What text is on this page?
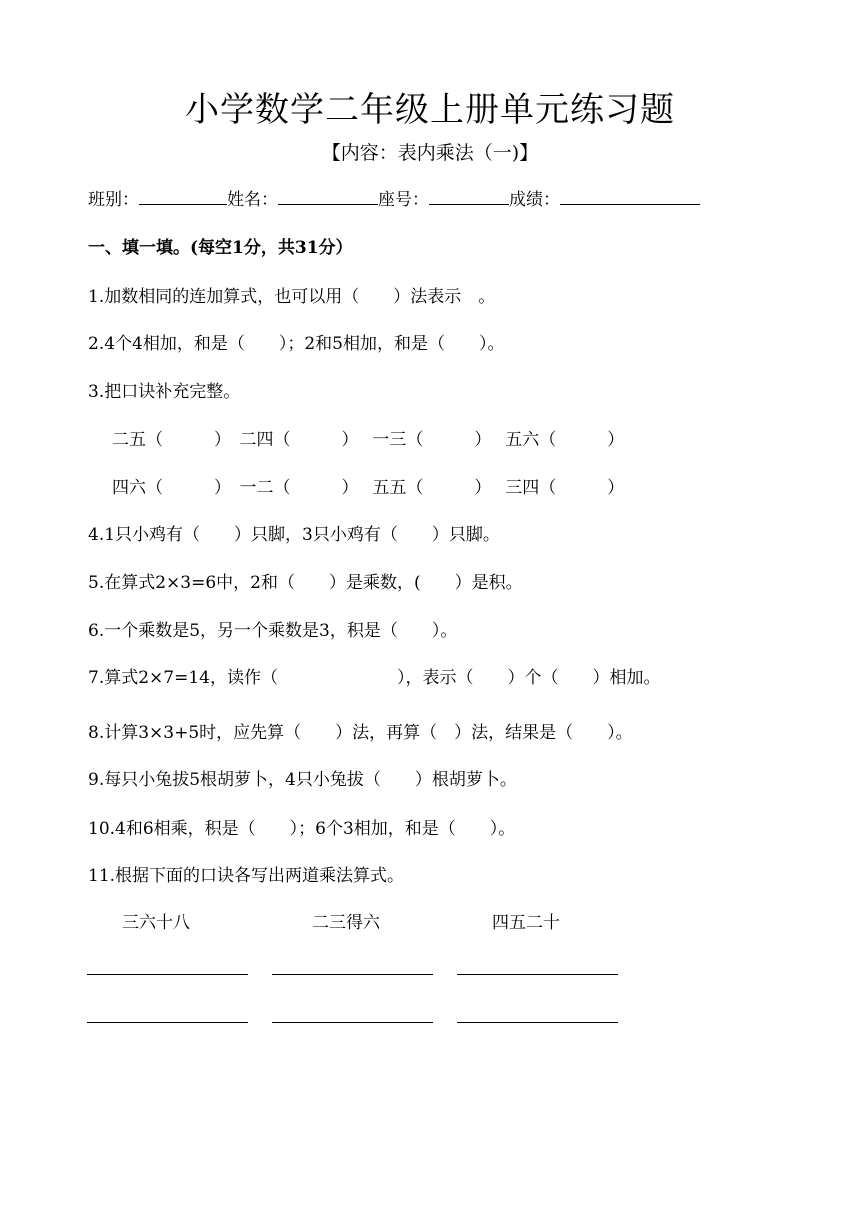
小学数学二年级上册单元练习题
【内容：表内乘法（一)】
班别：	姓名：	座号：	成绩：
一、填一填。(每空1分，共31分）
1.加数相同的连加算式，也可以用（　　）法表示　。
2.4个4相加，和是（　　）；2和5相加，和是（　　）。
3.把口诀补充完整。
二五（　　　）　二四（　　　）　 一三（　　　）　 五六（　　　）
四六（　　　）　一二（　　　）　 五五（　　　）　 三四（　　　）
4.1只小鸡有（　　）只脚，3只小鸡有（　　）只脚。
5.在算式2×3=6中，2和（　　）是乘数，(　　）是积。
6.一个乘数是5，另一个乘数是3，积是（　　）。
7.算式2×7=14，读作（　　　　　　　），表示（　　）个（　　）相加。
8.计算3×3+5时，应先算（　　）法，再算（　）法，结果是（　　）。
9.每只小兔拔5根胡萝卜，4只小兔拔（　　）根胡萝卜。
10.4和6相乘，积是（　　）；6个3相加，和是（　　）。
11.根据下面的口诀各写出两道乘法算式。
三六十八	二三得六	四五二十
